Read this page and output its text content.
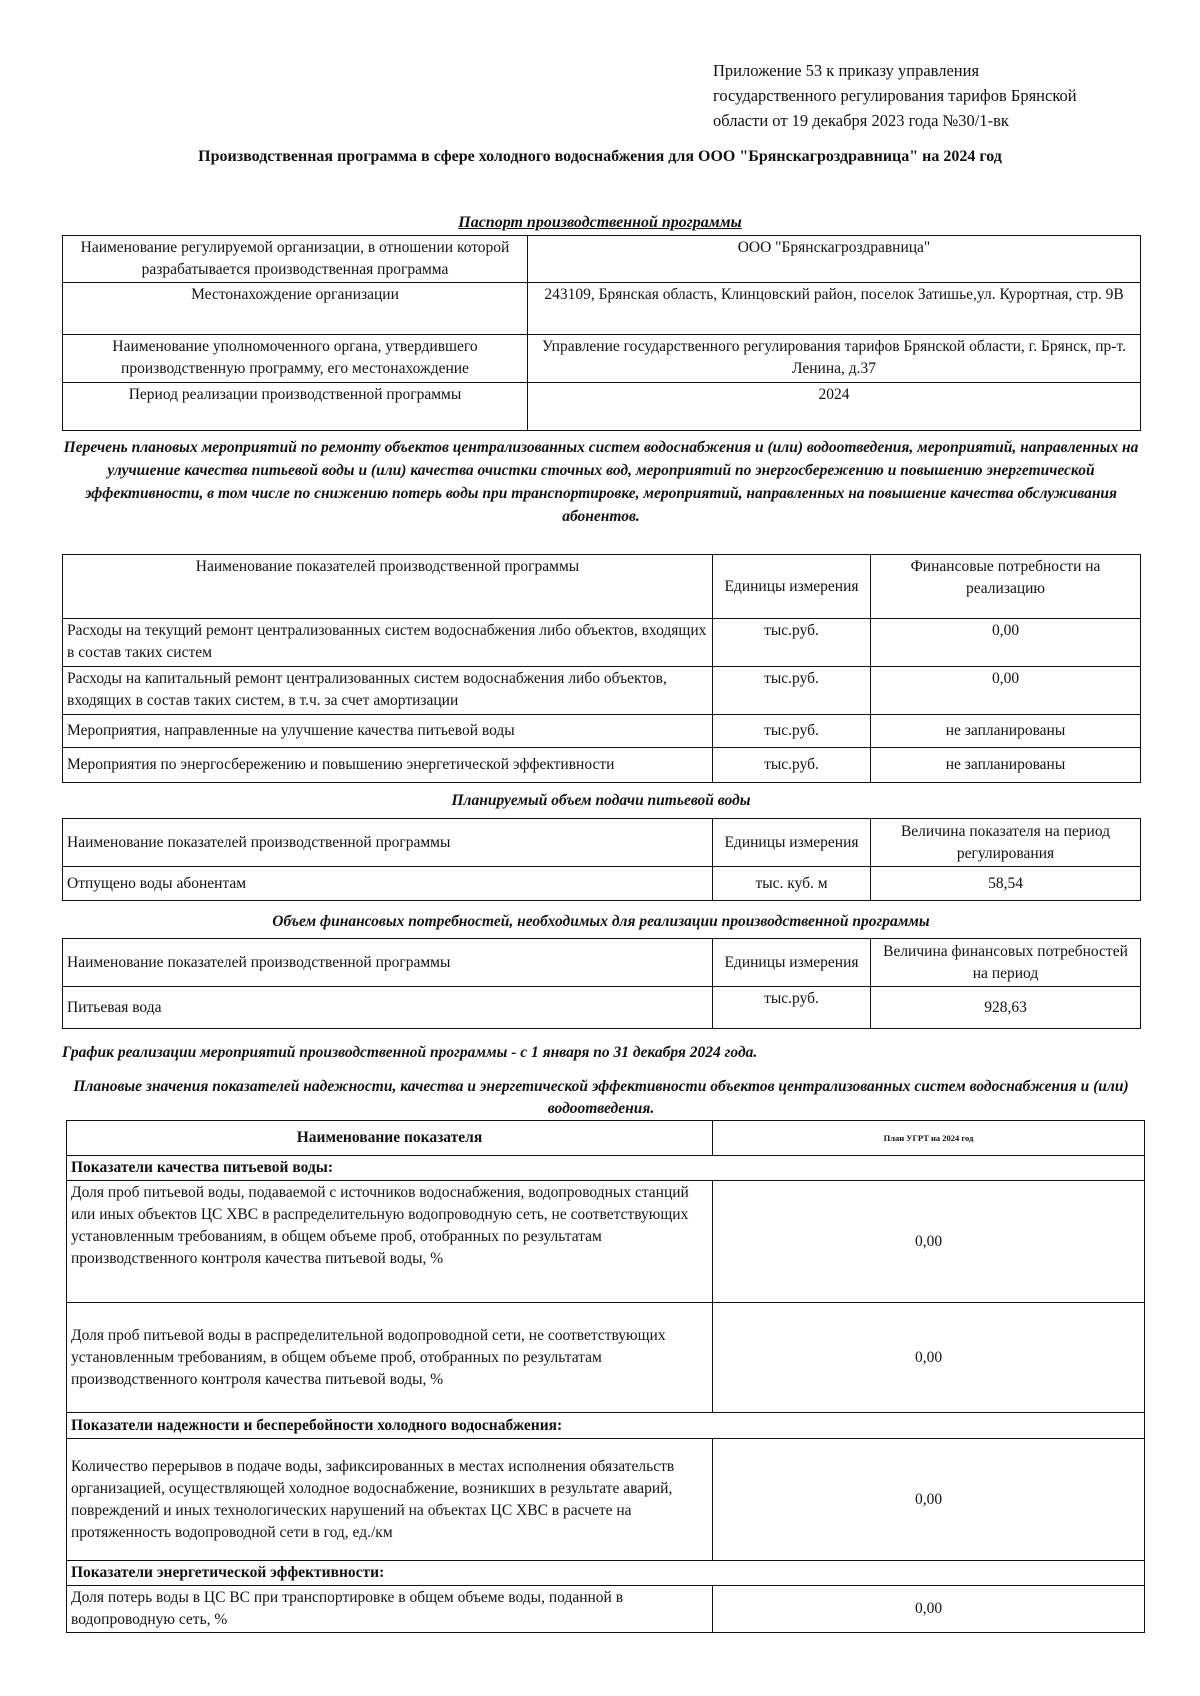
Приложение 53 к приказу управления
государственного регулирования тарифов Брянской
области от 19 декабря 2023 года №30/1-вк
Производственная программа в сфере холодного водоснабжения для ООО "Брянскагроздравница" на 2024 год
Паспорт производственной программы
Наименование регулируемой организации, в отношении которой разрабатывается производственная программа	ООО "Брянскагроздравница"
Местонахождение организации	243109, Брянская область, Клинцовский район, поселок Затишье,ул. Курортная, стр. 9В
Наименование уполномоченного органа, утвердившего производственную программу, его местонахождение	Управление государственного регулирования тарифов Брянской области, г. Брянск, пр-т. Ленина, д.37
Период реализации производственной программы	2024
Перечень плановых мероприятий по ремонту объектов централизованных систем водоснабжения и (или) водоотведения, мероприятий, направленных на улучшение качества питьевой воды и (или) качества очистки сточных вод, мероприятий по энергосбережению и повышению энергетической эффективности, в том числе по снижению потерь воды при транспортировке, мероприятий, направленных на повышение качества обслуживания абонентов.
Наименование показателей производственной программы	Единицы измерения	Финансовые потребности на реализацию
Расходы на текущий ремонт централизованных систем водоснабжения либо объектов, входящих в состав таких систем	тыс.руб.	0,00
Расходы на капитальный ремонт централизованных систем водоснабжения либо объектов, входящих в состав таких систем, в т.ч. за счет амортизации	тыс.руб.	0,00
Мероприятия, направленные на улучшение качества питьевой воды	тыс.руб.	не запланированы
Мероприятия по энергосбережению и повышению энергетической эффективности	тыс.руб.	не запланированы
Планируемый объем подачи питьевой воды
Наименование показателей производственной программы	Единицы измерения	Величина показателя на период регулирования
Отпущено воды абонентам	тыс. куб. м	58,54
Объем финансовых потребностей, необходимых для реализации производственной программы
Наименование показателей производственной программы	Единицы измерения	Величина финансовых потребностей на период
Питьевая вода	тыс.руб.	928,63
График реализации мероприятий производственной программы - с 1 января по 31 декабря 2024 года.
Плановые значения показателей надежности, качества и энергетической эффективности объектов централизованных систем водоснабжения и (или) водоотведения.
Наименование показателя	План УГРТ на 2024 год
Показатели качества питьевой воды:	
Доля проб питьевой воды, подаваемой с источников водоснабжения, водопроводных станций или иных объектов ЦС ХВС в распределительную водопроводную сеть, не соответствующих установленным требованиям, в общем объеме проб, отобранных по результатам производственного контроля качества питьевой воды, %	0,00
Доля проб питьевой воды в распределительной водопроводной сети, не соответствующих установленным требованиям, в общем объеме проб, отобранных по результатам производственного контроля качества питьевой воды, %	0,00
Показатели надежности и бесперебойности холодного водоснабжения:	
Количество перерывов в подаче воды, зафиксированных в местах исполнения обязательств организацией, осуществляющей холодное водоснабжение, возникших в результате аварий, повреждений и иных технологических нарушений на объектах ЦС ХВС в расчете на протяженность водопроводной сети в год, ед./км	0,00
Показатели энергетической эффективности:	
Доля потерь воды в ЦС ВС при транспортировке в общем объеме воды, поданной в водопроводную сеть, %	0,00
